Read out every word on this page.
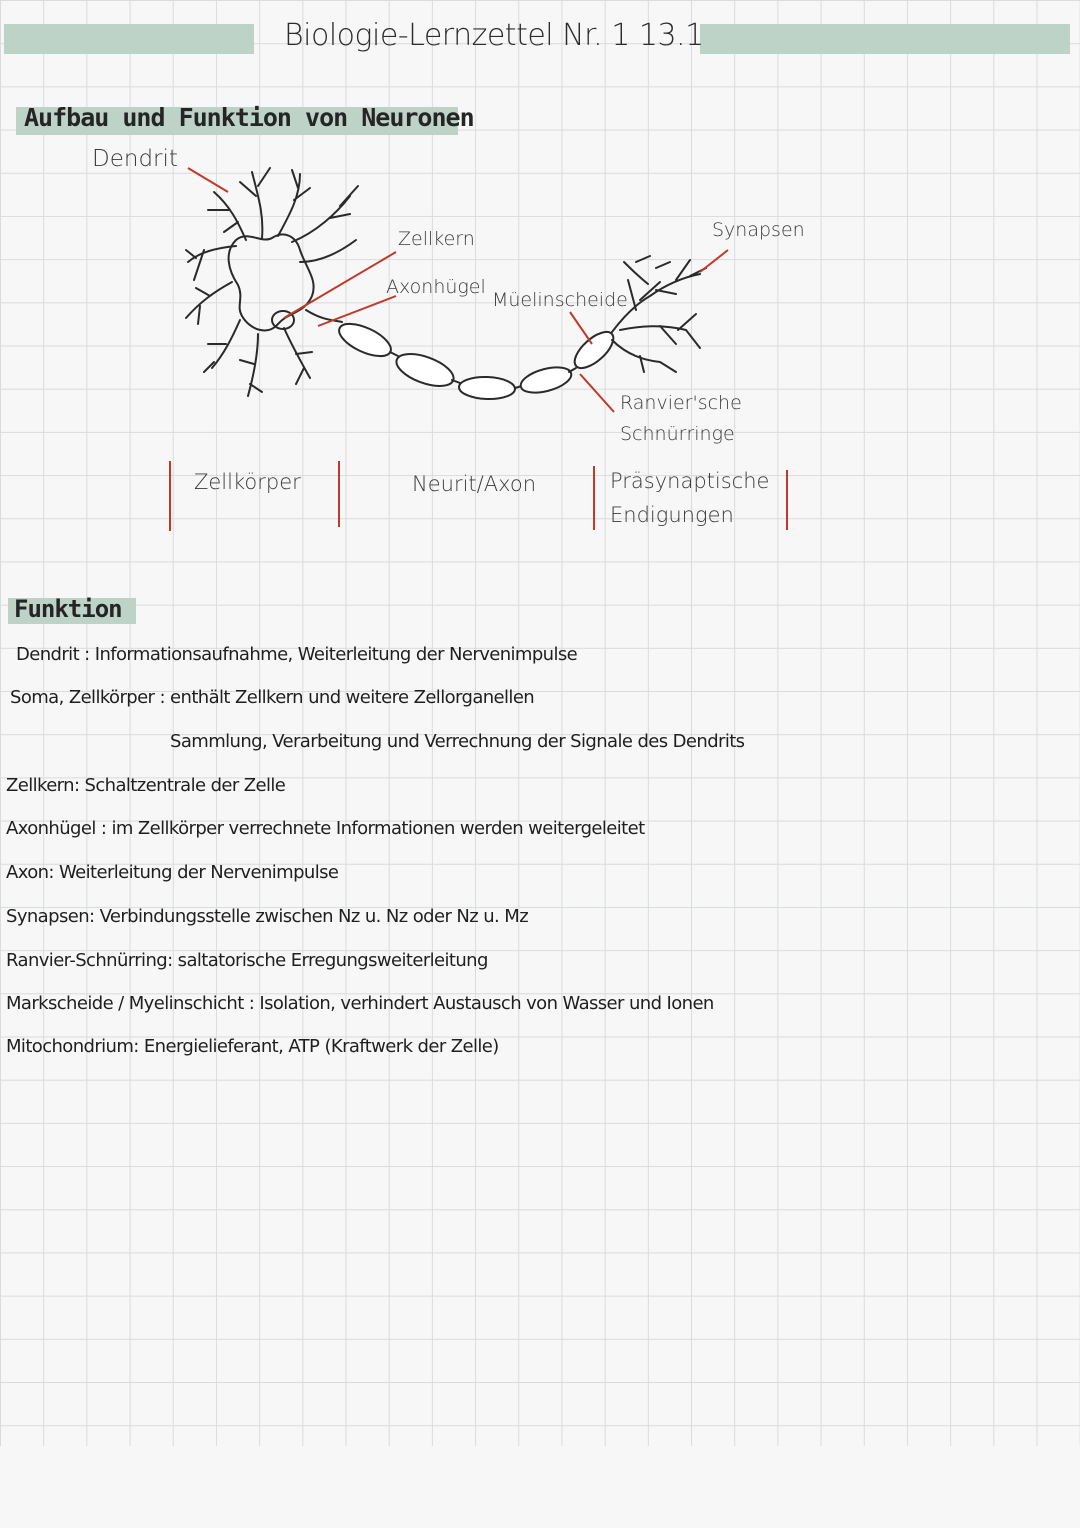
Biologie-Lernzettel Nr. 1 13.1
Aufbau und Funktion von Neuronen
Dendrit
Zellkern
Axonhügel
Müelinscheide
Synapsen
Ranvier'sche
Schnürringe
Zellkörper	Neurit/Axon	Präsynaptische
Endigungen
Funktion
Dendrit : Informationsaufnahme, Weiterleitung der Nervenimpulse
Soma, Zellkörper : enthält Zellkern und weitere Zellorganellen
Sammlung, Verarbeitung und Verrechnung der Signale des Dendrits
Zellkern: Schaltzentrale der Zelle
Axonhügel : im Zellkörper verrechnete Informationen werden weitergeleitet
Axon: Weiterleitung der Nervenimpulse
Synapsen: Verbindungsstelle zwischen Nz u. Nz oder Nz u. Mz
Ranvier-Schnürring: saltatorische Erregungsweiterleitung
Markscheide / Myelinschicht : Isolation, verhindert Austausch von Wasser und Ionen
Mitochondrium: Energielieferant, ATP (Kraftwerk der Zelle)
